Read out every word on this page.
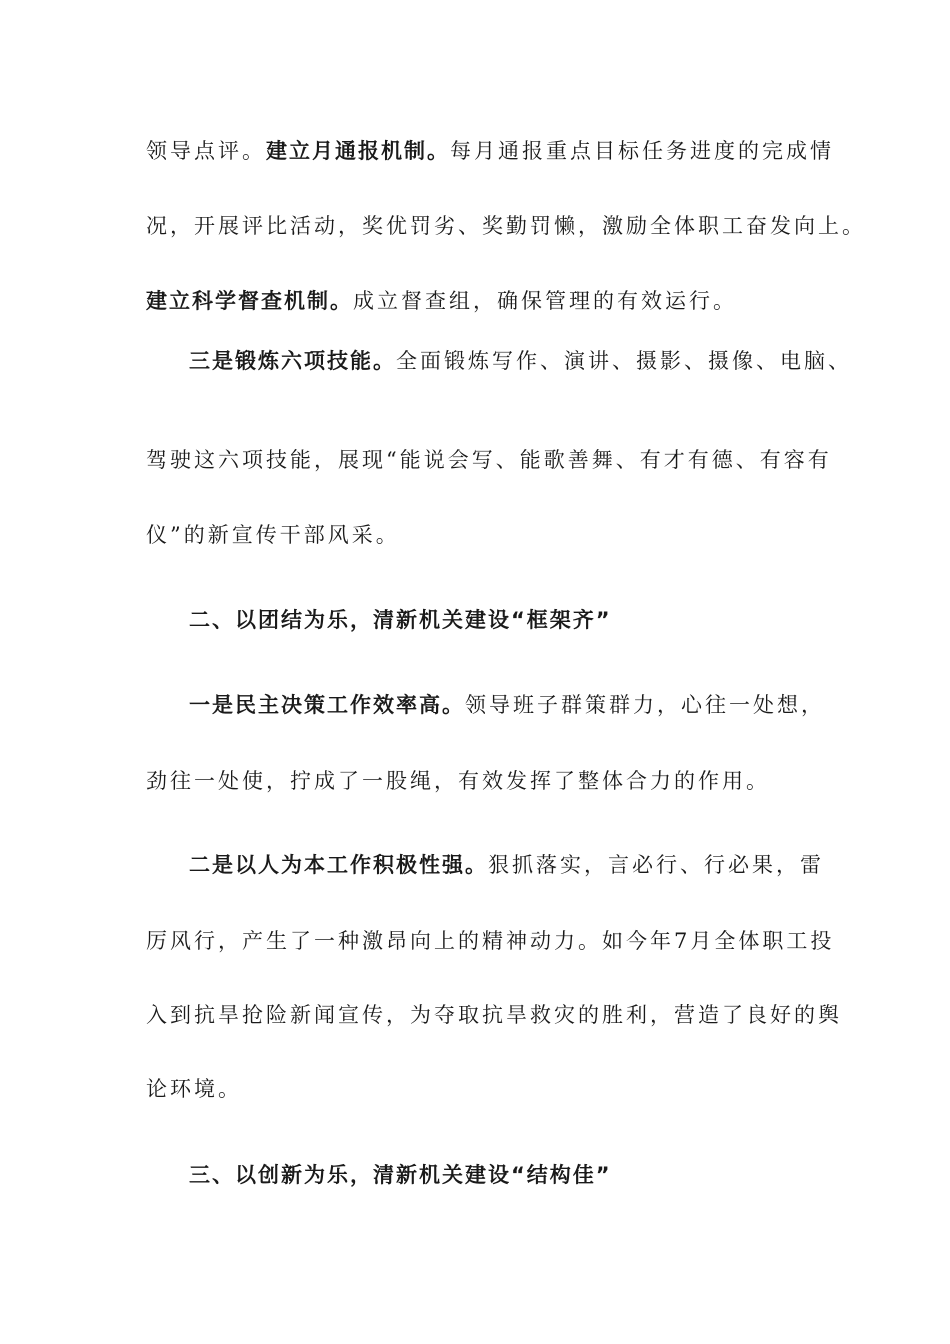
领导点评。建立月通报机制。每月通报重点目标任务进度的完成情
况，开展评比活动，奖优罚劣、奖勤罚懒，激励全体职工奋发向上。
建立科学督查机制。成立督查组，确保管理的有效运行。
三是锻炼六项技能。全面锻炼写作、演讲、摄影、摄像、电脑、
驾驶这六项技能，展现“能说会写、能歌善舞、有才有德、有容有
仪”的新宣传干部风采。
二、以团结为乐，清新机关建设“框架齐”
一是民主决策工作效率高。领导班子群策群力，心往一处想，
劲往一处使，拧成了一股绳，有效发挥了整体合力的作用。
二是以人为本工作积极性强。狠抓落实，言必行、行必果，雷
厉风行，产生了一种激昂向上的精神动力。如今年7月全体职工投
入到抗旱抢险新闻宣传，为夺取抗旱救灾的胜利，营造了良好的舆
论环境。
三、以创新为乐，清新机关建设“结构佳”
